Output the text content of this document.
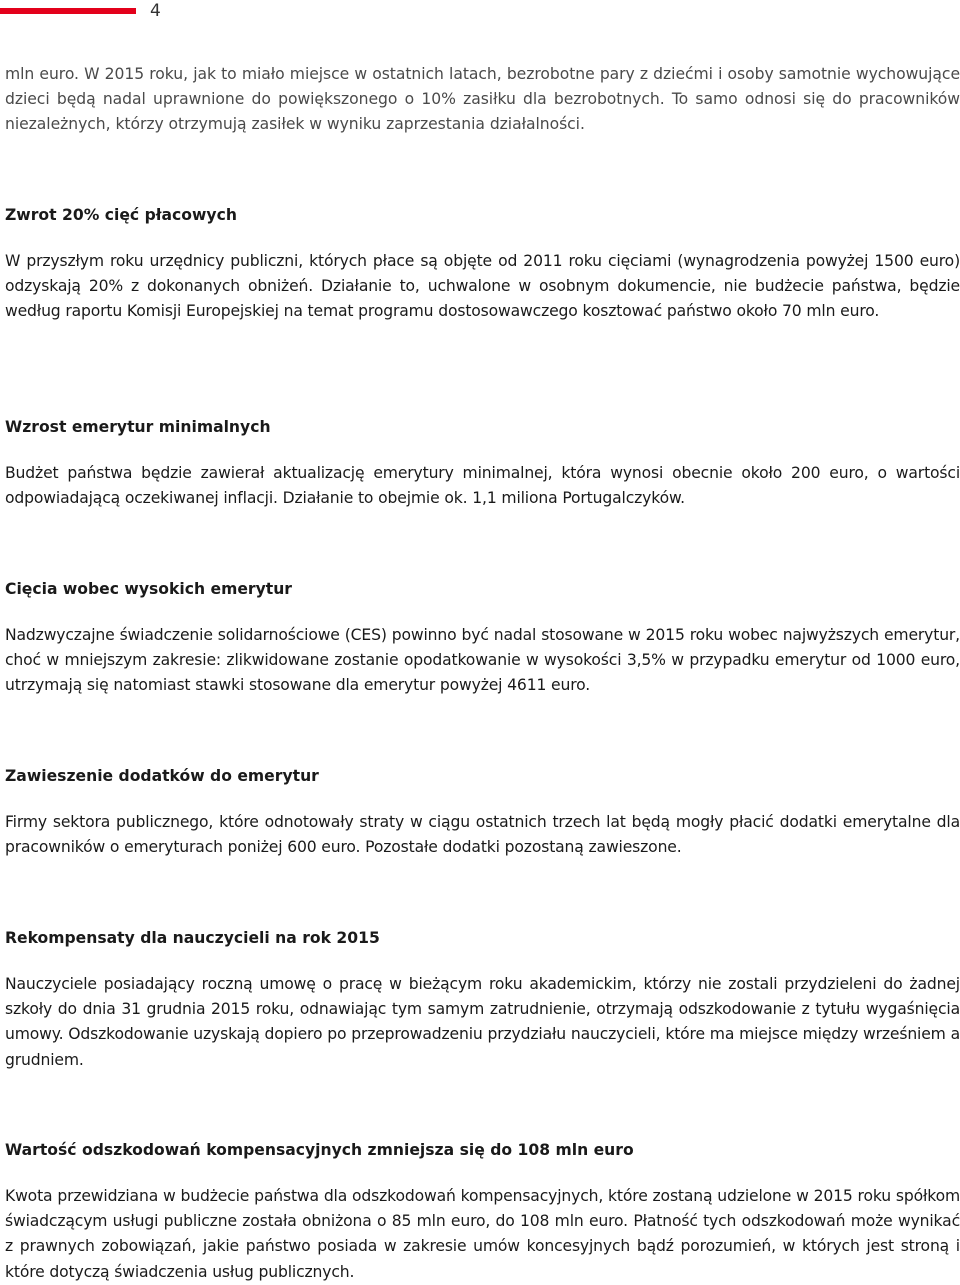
4

mln euro. W 2015 roku, jak to miało miejsce w ostatnich latach, bezrobotne pary z dziećmi i osoby samotnie wychowujące dzieci będą nadal uprawnione do powiększonego o 10% zasiłku dla bezrobotnych. To samo odnosi się do pracowników niezależnych, którzy otrzymują zasiłek w wyniku zaprzestania działalności.

Zwrot 20% cięć płacowych

W przyszłym roku urzędnicy publiczni, których płace są objęte od 2011 roku cięciami (wynagrodzenia powyżej 1500 euro) odzyskają 20% z dokonanych obniżeń. Działanie to, uchwalone w osobnym dokumencie, nie budżecie państwa, będzie według raportu Komisji Europejskiej na temat programu dostosowawczego kosztować państwo około 70 mln euro.

Wzrost emerytur minimalnych

Budżet państwa będzie zawierał aktualizację emerytury minimalnej, która wynosi obecnie około 200 euro, o wartości odpowiadającą oczekiwanej inflacji. Działanie to obejmie ok. 1,1 miliona Portugalczyków.

Cięcia wobec wysokich emerytur

Nadzwyczajne świadczenie solidarnościowe (CES) powinno być nadal stosowane w 2015 roku wobec najwyższych emerytur, choć w mniejszym zakresie: zlikwidowane zostanie opodatkowanie w wysokości 3,5% w przypadku emerytur od 1000 euro, utrzymają się natomiast stawki stosowane dla emerytur powyżej 4611 euro.

Zawieszenie dodatków do emerytur

Firmy sektora publicznego, które odnotowały straty w ciągu ostatnich trzech lat będą mogły płacić dodatki emerytalne dla pracowników o emeryturach poniżej 600 euro. Pozostałe dodatki pozostaną zawieszone.

Rekompensaty dla nauczycieli na rok 2015

Nauczyciele posiadający roczną umowę o pracę w bieżącym roku akademickim, którzy nie zostali przydzieleni do żadnej szkoły do dnia 31 grudnia 2015 roku, odnawiając tym samym zatrudnienie, otrzymają odszkodowanie z tytułu wygaśnięcia umowy. Odszkodowanie uzyskają dopiero po przeprowadzeniu przydziału nauczycieli, które ma miejsce między wrześniem a grudniem.

Wartość odszkodowań kompensacyjnych zmniejsza się do 108 mln euro

Kwota przewidziana w budżecie państwa dla odszkodowań kompensacyjnych, które zostaną udzielone w 2015 roku spółkom świadczącym usługi publiczne została obniżona o 85 mln euro, do 108 mln euro. Płatność tych odszkodowań może wynikać z prawnych zobowiązań, jakie państwo posiada w zakresie umów koncesyjnych bądź porozumień, w których jest stroną i które dotyczą świadczenia usług publicznych.
